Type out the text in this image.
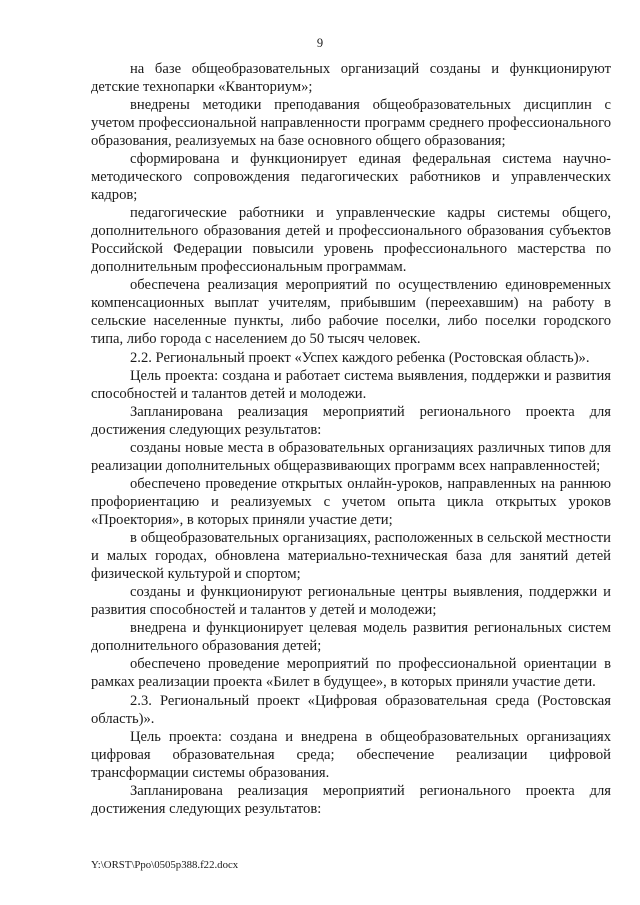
9

на базе общеобразовательных организаций созданы и функционируют детские технопарки «Кванториум»;

внедрены методики преподавания общеобразовательных дисциплин с учетом профессиональной направленности программ среднего профессионального образования, реализуемых на базе основного общего образования;

сформирована и функционирует единая федеральная система научно-методического сопровождения педагогических работников и управленческих кадров;

педагогические работники и управленческие кадры системы общего, дополнительного образования детей и профессионального образования субъектов Российской Федерации повысили уровень профессионального мастерства по дополнительным профессиональным программам.

обеспечена реализация мероприятий по осуществлению единовременных компенсационных выплат учителям, прибывшим (переехавшим) на работу в сельские населенные пункты, либо рабочие поселки, либо поселки городского типа, либо города с населением до 50 тысяч человек.

2.2. Региональный проект «Успех каждого ребенка (Ростовская область)».

Цель проекта: создана и работает система выявления, поддержки и развития способностей и талантов детей и молодежи.

Запланирована реализация мероприятий регионального проекта для достижения следующих результатов:

созданы новые места в образовательных организациях различных типов для реализации дополнительных общеразвивающих программ всех направленностей;

обеспечено проведение открытых онлайн-уроков, направленных на раннюю профориентацию и реализуемых с учетом опыта цикла открытых уроков «Проектория», в которых приняли участие дети;

в общеобразовательных организациях, расположенных в сельской местности и малых городах, обновлена материально-техническая база для занятий детей физической культурой и спортом;

созданы и функционируют региональные центры выявления, поддержки и развития способностей и талантов у детей и молодежи;

внедрена и функционирует целевая модель развития региональных систем дополнительного образования детей;

обеспечено проведение мероприятий по профессиональной ориентации в рамках реализации проекта «Билет в будущее», в которых приняли участие дети.

2.3. Региональный проект «Цифровая образовательная среда (Ростовская область)».

Цель проекта: создана и внедрена в общеобразовательных организациях цифровая образовательная среда; обеспечение реализации цифровой трансформации системы образования.

Запланирована реализация мероприятий регионального проекта для достижения следующих результатов:

Y:\ORST\Ppo\0505p388.f22.docx
